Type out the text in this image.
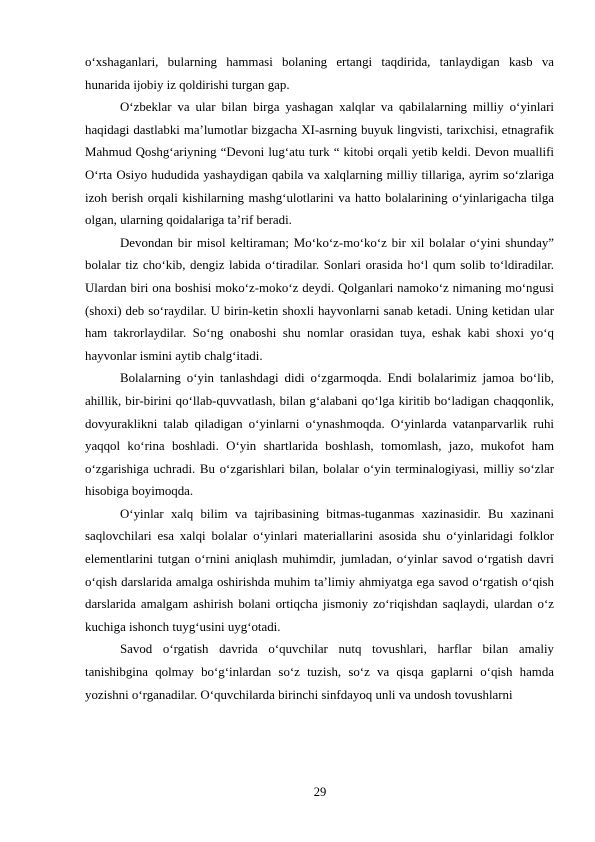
o‘xshaganlari, bularning hammasi bolaning ertangi taqdirida, tanlaydigan kasb va hunarida ijobiy iz qoldirishi turgan gap.

O‘zbeklar va ular bilan birga yashagan xalqlar va qabilalarning milliy o‘yinlari haqidagi dastlabki ma’lumotlar bizgacha XI-asrning buyuk lingvisti, tarixchisi, etnagrafik Mahmud Qoshg‘ariyning “Devoni lug‘atu turk “ kitobi orqali yetib keldi. Devon muallifi O‘rta Osiyo hududida yashaydigan qabila va xalqlarning milliy tillariga, ayrim so‘zlariga izoh berish orqali kishilarning mashg‘ulotlarini va hatto bolalarining o‘yinlarigacha tilga olgan, ularning qoidalariga ta’rif beradi.

Devondan bir misol keltiraman; Mo‘ko‘z-mo‘ko‘z bir xil bolalar o‘yini shunday” bolalar tiz cho‘kib, dengiz labida o‘tiradilar. Sonlari orasida ho‘l qum solib to‘ldiradilar. Ulardan biri ona boshisi moko‘z-moko‘z deydi. Qolganlari namoko‘z nimaning mo‘ngusi (shoxi) deb so‘raydilar. U birin-ketin shoxli hayvonlarni sanab ketadi. Uning ketidan ular ham takrorlaydilar. So‘ng onaboshi shu nomlar orasidan tuya, eshak kabi shoxi yo‘q hayvonlar ismini aytib chalg‘itadi.

Bolalarning o‘yin tanlashdagi didi o‘zgarmoqda. Endi bolalarimiz jamoa bo‘lib, ahillik, bir-birini qo‘llab-quvvatlash, bilan g‘alabani qo‘lga kiritib bo‘ladigan chaqqonlik, dovyuraklikni talab qiladigan o‘yinlarni o‘ynashmoqda. O‘yinlarda vatanparvarlik ruhi yaqqol ko‘rina boshladi. O‘yin shartlarida boshlash, tomomlash, jazo, mukofot ham o‘zgarishiga uchradi. Bu o‘zgarishlari bilan, bolalar o‘yin terminalogiyasi, milliy so‘zlar hisobiga boyimoqda.

O‘yinlar xalq bilim va tajribasining bitmas-tuganmas xazinasidir. Bu xazinani saqlovchilari esa xalqi bolalar o‘yinlari materiallarini asosida shu o‘yinlaridagi folklor elementlarini tutgan o‘rnini aniqlash muhimdir, jumladan, o‘yinlar savod o‘rgatish davri o‘qish darslarida amalga oshirishda muhim ta’limiy ahmiyatga ega savod o‘rgatish o‘qish darslarida amalgam ashirish bolani ortiqcha jismoniy zo‘riqishdan saqlaydi, ulardan o‘z kuchiga ishonch tuyg‘usini uyg‘otadi.

Savod o‘rgatish davrida o‘quvchilar nutq tovushlari, harflar bilan amaliy tanishibgina qolmay bo‘g‘inlardan so‘z tuzish, so‘z va qisqa gaplarni o‘qish hamda yozishni o‘rganadilar. O‘quvchilarda birinchi sinfdayoq unli va undosh tovushlarni

29
